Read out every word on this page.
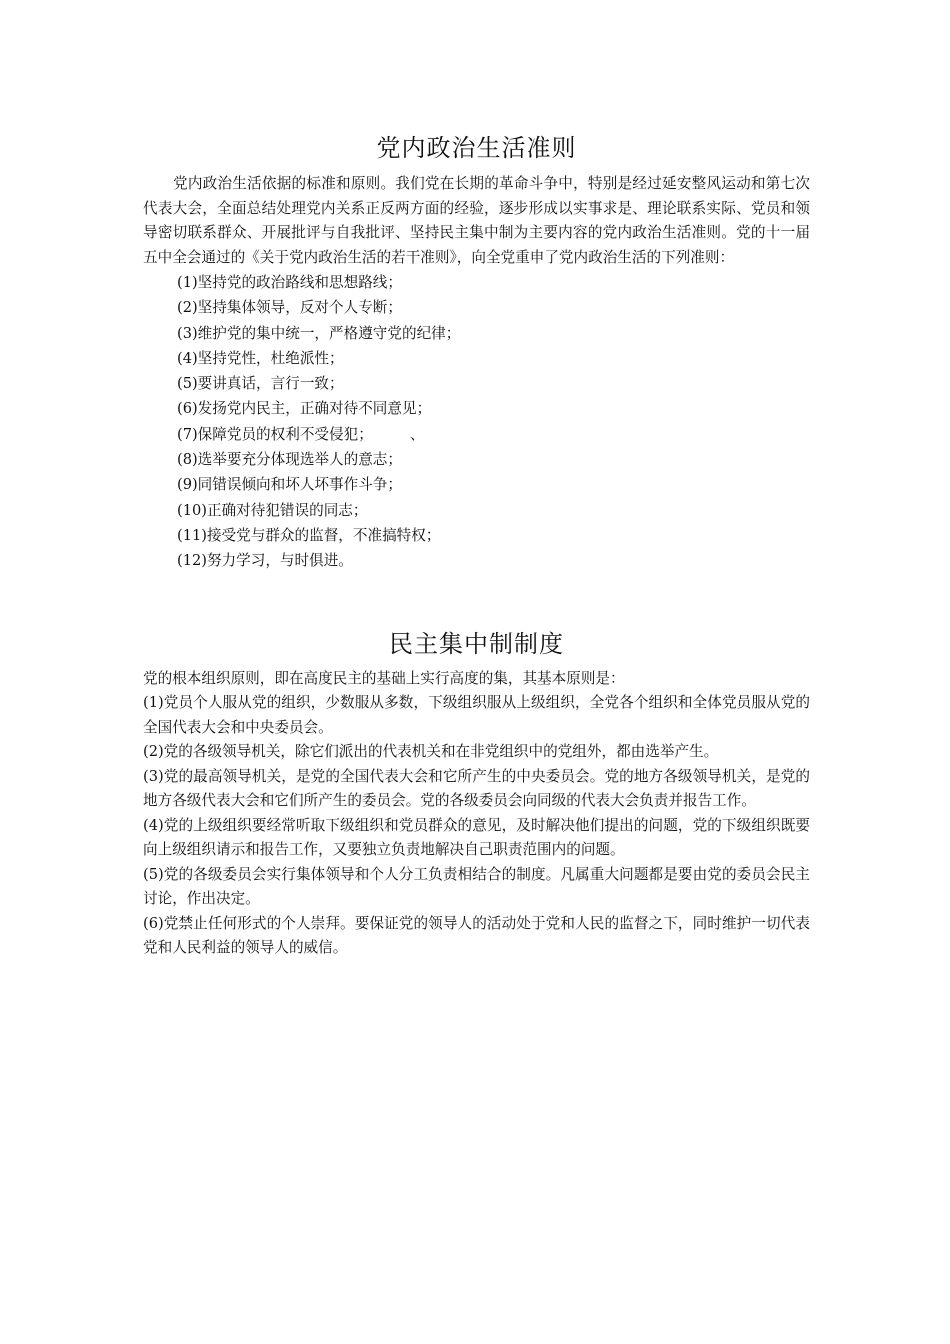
党内政治生活准则

党内政治生活依据的标准和原则。我们党在长期的革命斗争中，特别是经过延安整风运动和第七次代表大会，全面总结处理党内关系正反两方面的经验，逐步形成以实事求是、理论联系实际、党员和领导密切联系群众、开展批评与自我批评、坚持民主集中制为主要内容的党内政治生活准则。党的十一届五中全会通过的《关于党内政治生活的若干准则》，向全党重申了党内政治生活的下列准则：

(1)坚持党的政治路线和思想路线；
(2)坚持集体领导，反对个人专断；
(3)维护党的集中统一，严格遵守党的纪律；
(4)坚持党性，杜绝派性；
(5)要讲真话，言行一致；
(6)发扬党内民主，正确对待不同意见；
(7)保障党员的权利不受侵犯；        、
(8)选举要充分体现选举人的意志；
(9)同错误倾向和坏人坏事作斗争；
(10)正确对待犯错误的同志；
(11)接受党与群众的监督，不准搞特权；
(12)努力学习，与时俱进。
民主集中制制度

党的根本组织原则，即在高度民主的基础上实行高度的集，其基本原则是：

(1)党员个人服从党的组织，少数服从多数，下级组织服从上级组织，全党各个组织和全体党员服从党的全国代表大会和中央委员会。

(2)党的各级领导机关，除它们派出的代表机关和在非党组织中的党组外，都由选举产生。

(3)党的最高领导机关，是党的全国代表大会和它所产生的中央委员会。党的地方各级领导机关，是党的地方各级代表大会和它们所产生的委员会。党的各级委员会向同级的代表大会负责并报告工作。

(4)党的上级组织要经常听取下级组织和党员群众的意见，及时解决他们提出的问题，党的下级组织既要向上级组织请示和报告工作，又要独立负责地解决自己职责范围内的问题。

(5)党的各级委员会实行集体领导和个人分工负责相结合的制度。凡属重大问题都是要由党的委员会民主讨论，作出决定。

(6)党禁止任何形式的个人崇拜。要保证党的领导人的活动处于党和人民的监督之下，同时维护一切代表党和人民利益的领导人的威信。
